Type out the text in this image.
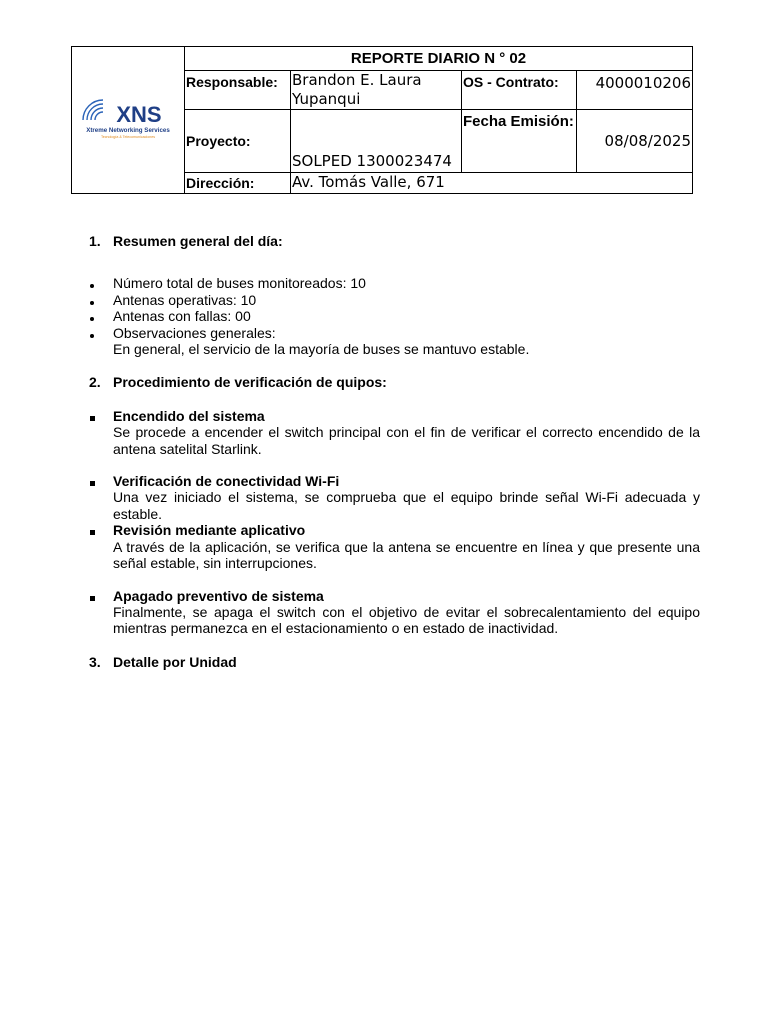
XNS
Xtreme Networking Services
Tecnología & Telecomunicaciones	REPORTE DIARIO N ° 02			
	Responsable:	Brandon E. Laura Yupanqui	OS - Contrato:	4000010206
	Proyecto:	SOLPED 1300023474	Fecha Emisión:	08/08/2025
	Dirección:	Av. Tomás Valle, 671		
1. Resumen general del día:
Número total de buses monitoreados: 10
Antenas operativas: 10
Antenas con fallas: 00
Observaciones generales:
En general, el servicio de la mayoría de buses se mantuvo estable.
2. Procedimiento de verificación de quipos:
Encendido del sistema
Se procede a encender el switch principal con el fin de verificar el correcto encendido de la antena satelital Starlink.
Verificación de conectividad Wi-Fi
Una vez iniciado el sistema, se comprueba que el equipo brinde señal Wi-Fi adecuada y estable.
Revisión mediante aplicativo
A través de la aplicación, se verifica que la antena se encuentre en línea y que presente una señal estable, sin interrupciones.
Apagado preventivo de sistema
Finalmente, se apaga el switch con el objetivo de evitar el sobrecalentamiento del equipo mientras permanezca en el estacionamiento o en estado de inactividad.
3. Detalle por Unidad
